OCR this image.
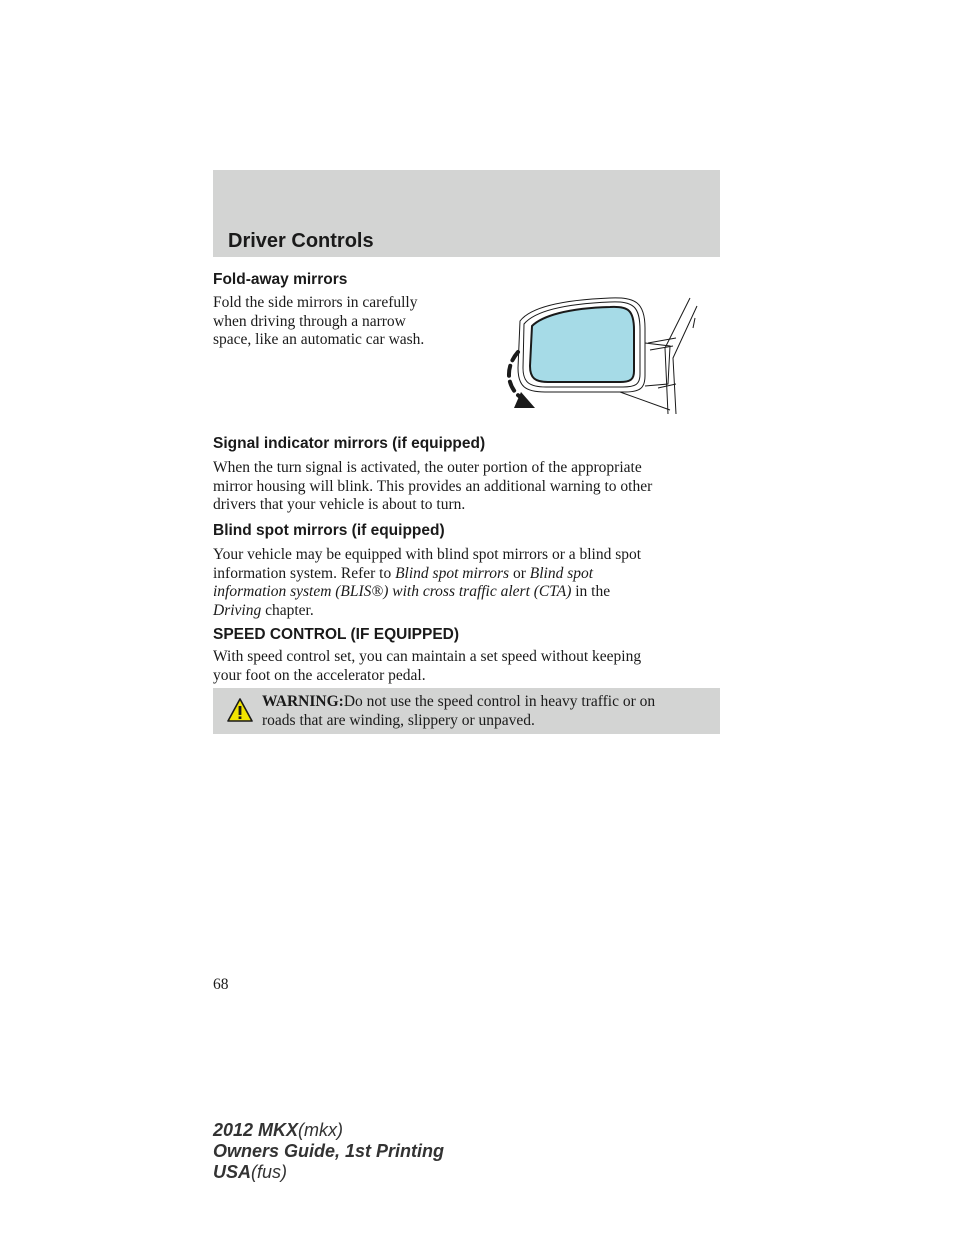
Driver Controls
Fold-away mirrors

Fold the side mirrors in carefully
when driving through a narrow
space, like an automatic car wash.

Signal indicator mirrors (if equipped)

When the turn signal is activated, the outer portion of the appropriate
mirror housing will blink. This provides an additional warning to other
drivers that your vehicle is about to turn.

Blind spot mirrors (if equipped)

Your vehicle may be equipped with blind spot mirrors or a blind spot
information system. Refer to Blind spot mirrors or Blind spot
information system (BLIS®) with cross traffic alert (CTA) in the
Driving chapter.

SPEED CONTROL (IF EQUIPPED)

With speed control set, you can maintain a set speed without keeping
your foot on the accelerator pedal.

WARNING:Do not use the speed control in heavy traffic or on
roads that are winding, slippery or unpaved.

68

2012 MKX(mkx)
Owners Guide, 1st Printing
USA(fus)
